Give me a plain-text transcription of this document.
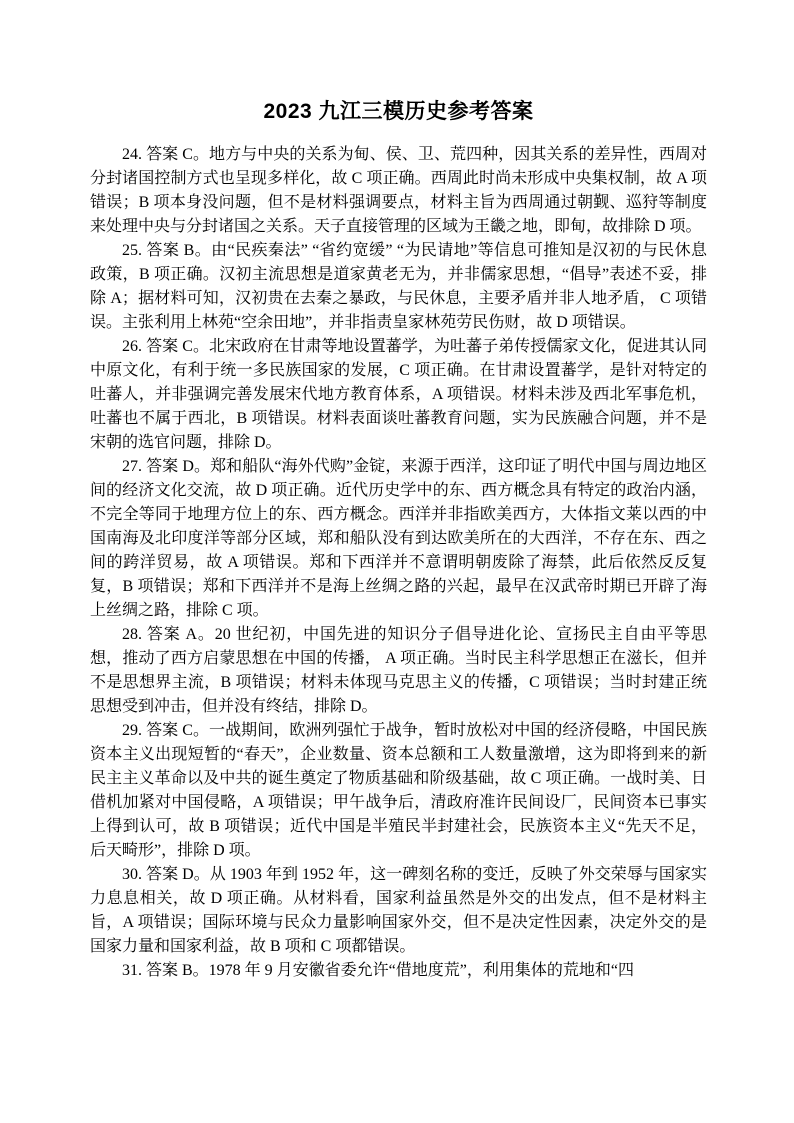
2023 九江三模历史参考答案

24. 答案 C。地方与中央的关系为甸、侯、卫、荒四种，因其关系的差异性，西周对分封诸国控制方式也呈现多样化，故 C 项正确。西周此时尚未形成中央集权制，故 A 项错误；B 项本身没问题，但不是材料强调要点，材料主旨为西周通过朝觐、巡狩等制度来处理中央与分封诸国之关系。天子直接管理的区域为王畿之地，即甸，故排除 D 项。

25. 答案 B。由“民疾秦法” “省约宽缓” “为民请地”等信息可推知是汉初的与民休息政策，B 项正确。汉初主流思想是道家黄老无为，并非儒家思想，“倡导”表述不妥，排除 A；据材料可知，汉初贵在去秦之暴政，与民休息，主要矛盾并非人地矛盾， C 项错误。主张利用上林苑“空余田地”，并非指责皇家林苑劳民伤财，故 D 项错误。

26. 答案 C。北宋政府在甘肃等地设置蕃学，为吐蕃子弟传授儒家文化，促进其认同中原文化，有利于统一多民族国家的发展，C 项正确。在甘肃设置蕃学，是针对特定的吐蕃人，并非强调完善发展宋代地方教育体系，A 项错误。材料未涉及西北军事危机，吐蕃也不属于西北，B 项错误。材料表面谈吐蕃教育问题，实为民族融合问题，并不是宋朝的选官问题，排除 D。

27. 答案 D。郑和船队“海外代购”金锭，来源于西洋，这印证了明代中国与周边地区间的经济文化交流，故 D 项正确。近代历史学中的东、西方概念具有特定的政治内涵，不完全等同于地理方位上的东、西方概念。西洋并非指欧美西方，大体指文莱以西的中国南海及北印度洋等部分区域，郑和船队没有到达欧美所在的大西洋，不存在东、西之间的跨洋贸易，故 A 项错误。郑和下西洋并不意谓明朝废除了海禁，此后依然反反复复，B 项错误；郑和下西洋并不是海上丝绸之路的兴起，最早在汉武帝时期已开辟了海上丝绸之路，排除 C 项。

28. 答案 A。20 世纪初，中国先进的知识分子倡导进化论、宣扬民主自由平等思想，推动了西方启蒙思想在中国的传播， A 项正确。当时民主科学思想正在滋长，但并不是思想界主流，B 项错误；材料未体现马克思主义的传播，C 项错误；当时封建正统思想受到冲击，但并没有终结，排除 D。

29. 答案 C。一战期间，欧洲列强忙于战争，暂时放松对中国的经济侵略，中国民族资本主义出现短暂的“春天”，企业数量、资本总额和工人数量激增，这为即将到来的新民主主义革命以及中共的诞生奠定了物质基础和阶级基础，故 C 项正确。一战时美、日借机加紧对中国侵略，A 项错误；甲午战争后，清政府准许民间设厂，民间资本已事实上得到认可，故 B 项错误；近代中国是半殖民半封建社会，民族资本主义“先天不足，后天畸形”，排除 D 项。

30. 答案 D。从 1903 年到 1952 年，这一碑刻名称的变迁，反映了外交荣辱与国家实力息息相关，故 D 项正确。从材料看，国家利益虽然是外交的出发点，但不是材料主旨，A 项错误；国际环境与民众力量影响国家外交，但不是决定性因素，决定外交的是国家力量和国家利益，故 B 项和 C 项都错误。

31. 答案 B。1978 年 9 月安徽省委允许“借地度荒”，利用集体的荒地和“四
